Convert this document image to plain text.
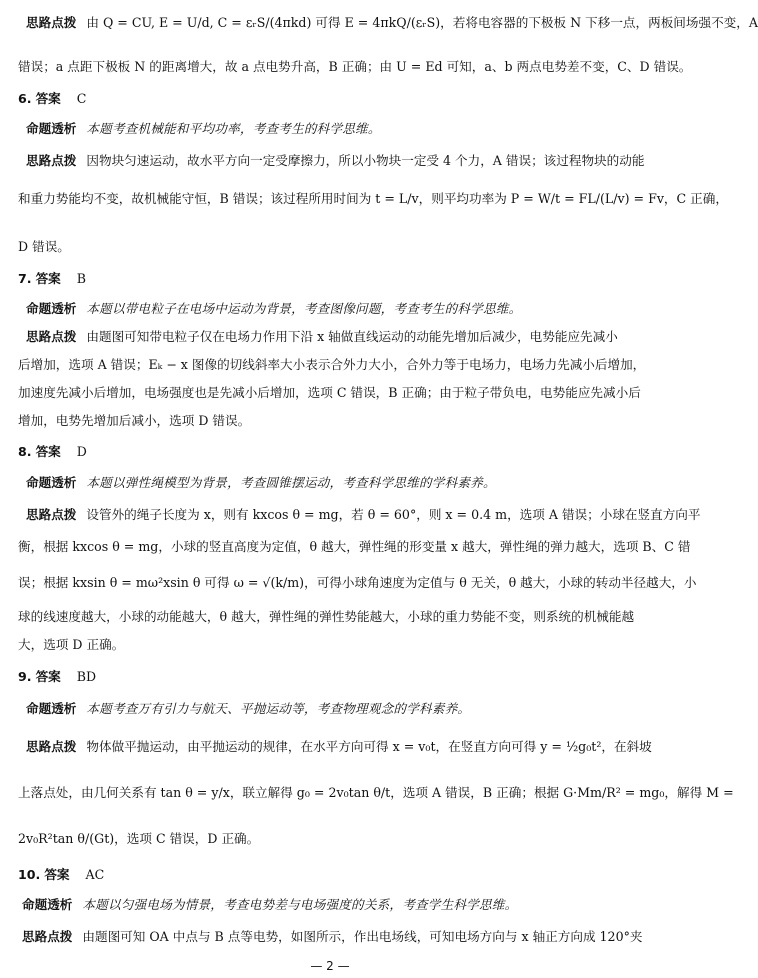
思路点拨 由 Q = CU, E = U/d, C = εᵣS/(4πkd) 可得 E = 4πkQ/(εᵣS)，若将电容器的下极板 N 下移一点，两板间场强不变，A
错误；a 点距下极板 N 的距离增大，故 a 点电势升高，B 正确；由 U = Ed 可知，a、b 两点电势差不变，C、D 错误。
6. 答案 C
命题透析 本题考查机械能和平均功率，考查考生的科学思维。
思路点拨 因物块匀速运动，故水平方向一定受摩擦力，所以小物块一定受 4 个力，A 错误；该过程物块的动能
和重力势能均不变，故机械能守恒，B 错误；该过程所用时间为 t = L/v，则平均功率为 P = W/t = FL/(L/v) = Fv，C 正确，
D 错误。
7. 答案 B
命题透析 本题以带电粒子在电场中运动为背景，考查图像问题，考查考生的科学思维。
思路点拨 由题图可知带电粒子仅在电场力作用下沿 x 轴做直线运动的动能先增加后减少，电势能应先减小
后增加，选项 A 错误；Eₖ − x 图像的切线斜率大小表示合外力大小，合外力等于电场力，电场力先减小后增加，
加速度先减小后增加，电场强度也是先减小后增加，选项 C 错误，B 正确；由于粒子带负电，电势能应先减小后
增加，电势先增加后减小，选项 D 错误。
8. 答案 D
命题透析 本题以弹性绳模型为背景，考查圆锥摆运动，考查科学思维的学科素养。
思路点拨 设管外的绳子长度为 x，则有 kxcos θ = mg，若 θ = 60°，则 x = 0.4 m，选项 A 错误；小球在竖直方向平
衡，根据 kxcos θ = mg，小球的竖直高度为定值，θ 越大，弹性绳的形变量 x 越大，弹性绳的弹力越大，选项 B、C 错
误；根据 kxsin θ = mω²xsin θ 可得 ω = √(k/m)，可得小球角速度为定值与 θ 无关，θ 越大，小球的转动半径越大，小
球的线速度越大，小球的动能越大，θ 越大，弹性绳的弹性势能越大，小球的重力势能不变，则系统的机械能越
大，选项 D 正确。
9. 答案 BD
命题透析 本题考查万有引力与航天、平抛运动等，考查物理观念的学科素养。
思路点拨 物体做平抛运动，由平抛运动的规律，在水平方向可得 x = v₀t，在竖直方向可得 y = ½g₀t²，在斜坡
上落点处，由几何关系有 tan θ = y/x，联立解得 g₀ = 2v₀tan θ/t，选项 A 错误，B 正确；根据 G·Mm/R² = mg₀，解得 M =
2v₀R²tan θ/(Gt)，选项 C 错误，D 正确。
10. 答案 AC
命题透析 本题以匀强电场为情景，考查电势差与电场强度的关系，考查学生科学思维。
思路点拨 由题图可知 OA 中点与 B 点等电势，如图所示，作出电场线，可知电场方向与 x 轴正方向成 120°夹
— 2 —
